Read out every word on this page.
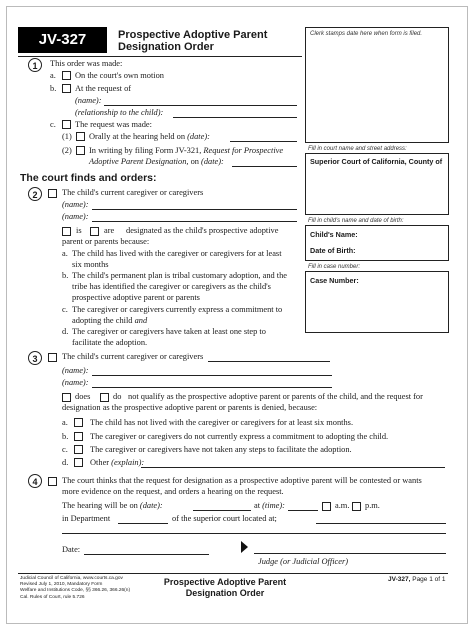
JV-327	Prospective Adoptive Parent
Designation Order
Clerk stamps date here when form is filed.
Fill in court name and street address:
Superior Court of California, County of
Fill in child's name and date of birth:
Child's Name:
Date of Birth:
Fill in case number:
Case Number:
1	This order was made:
a. On the court's own motion
b. At the request of
(name):
(relationship to the child):
c. The request was made:
(1) Orally at the hearing held on (date):
(2) In writing by filing Form JV-321, Request for Prospective
Adoptive Parent Designation, on (date):
The court finds and orders:
2	The child's current caregiver or caregivers
(name):
(name):
is	are designated as the child's prospective adoptive
parent or parents because:
a. The child has lived with the caregiver or caregivers for at least
six months
b. The child's permanent plan is tribal customary adoption, and the
tribe has identified the caregiver or caregivers as the child's
prospective adoptive parent or parents
c. The caregiver or caregivers currently express a commitment to
adopting the child and
d. The caregiver or caregivers have taken at least one step to
facilitate the adoption.
3	The child's current caregiver or caregivers
(name):
(name):
does	do not qualify as the prospective adoptive parent or parents of the child, and the request for
designation as the prospective adoptive parent or parents is denied, because:
a.	The child has not lived with the caregiver or caregivers for at least six months.
b.	The caregiver or caregivers do not currently express a commitment to adopting the child.
c.	The caregiver or caregivers have not taken any steps to facilitate the adoption.
d.	Other (explain):
4	The court thinks that the request for designation as a prospective adoptive parent will be contested or wants
more evidence on the request, and orders a hearing on the request.
The hearing will be on (date):	at (time):	a.m. p.m.
in Department	of the superior court located at;
Date:
Judge (or Judicial Officer)
Judicial Council of California, www.courts.ca.gov
Revised July 1, 2010, Mandatory Form
Welfare and Institutions Code, §§ 366.26, 366.26(n)
Cal. Rules of Court, rule 5.726
Prospective Adoptive Parent
Designation Order
JV-327, Page 1 of 1
